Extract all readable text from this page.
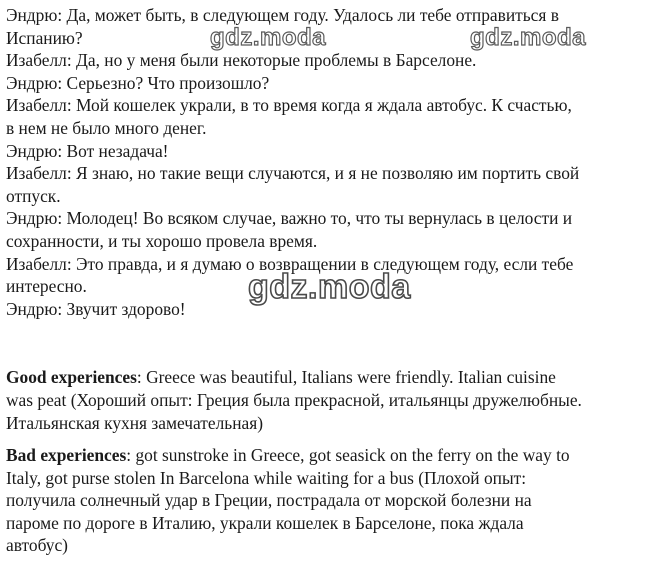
Эндрю: Да, может быть, в следующем году. Удалось ли тебе отправиться в
Испанию?
Изабелл: Да, но у меня были некоторые проблемы в Барселоне.
Эндрю: Серьезно? Что произошло?
Изабелл: Мой кошелек украли, в то время когда я ждала автобус. К счастью,
в нем не было много денег.
Эндрю: Вот незадача!
Изабелл: Я знаю, но такие вещи случаются, и я не позволяю им портить свой
отпуск.
Эндрю: Молодец! Во всяком случае, важно то, что ты вернулась в целости и
сохранности, и ты хорошо провела время.
Изабелл: Это правда, и я думаю о возвращении в следующем году, если тебе
интересно.
Эндрю: Звучит здорово!
Good experiences: Greece was beautiful, Italians were friendly. Italian cuisine
was peat (Хороший опыт: Греция была прекрасной, итальянцы дружелюбные.
Итальянская кухня замечательная)
Bad experiences: got sunstroke in Greece, got seasick on the ferry on the way to
Italy, got purse stolen In Barcelona while waiting for a bus (Плохой опыт:
получила солнечный удар в Греции, пострадала от морской болезни на
пароме по дороге в Италию, украли кошелек в Барселоне, пока ждала
автобус)
gdz.moda	gdz.moda
gdz.moda
